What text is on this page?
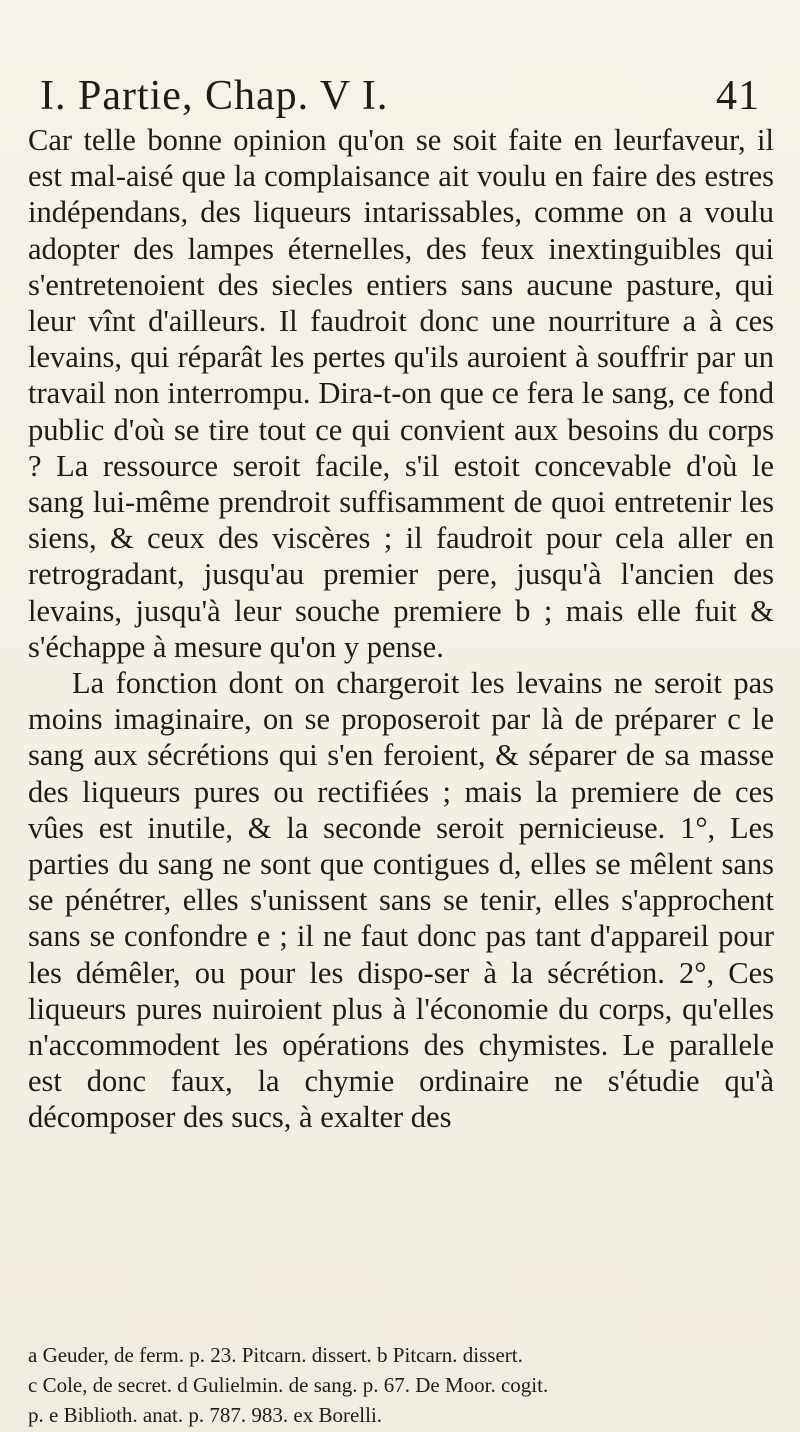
I. Partie, Chap. V I.	41

Car telle bonne opinion qu'on se soit faite en leurfaveur, il est mal-aisé que la complaisance ait voulu en faire des estres indépendans, des liqueurs intarissables, comme on a voulu adopter des lampes éternelles, des feux inextinguibles qui s'entretenoient des siecles entiers sans aucune pasture, qui leur vînt d'ailleurs. Il faudroit donc une nourriture a à ces levains, qui réparât les pertes qu'ils auroient à souffrir par un travail non interrompu. Dira-t-on que ce fera le sang, ce fond public d'où se tire tout ce qui convient aux besoins du corps ? La ressource seroit facile, s'il estoit concevable d'où le sang lui-même prendroit suffisamment de quoi entretenir les siens, & ceux des viscères ; il faudroit pour cela aller en retrogradant, jusqu'au premier pere, jusqu'à l'ancien des levains, jusqu'à leur souche premiere b ; mais elle fuit & s'échappe à mesure qu'on y pense.

La fonction dont on chargeroit les levains ne seroit pas moins imaginaire, on se proposeroit par là de préparer c le sang aux sécrétions qui s'en feroient, & séparer de sa masse des liqueurs pures ou rectifiées ; mais la premiere de ces vûes est inutile, & la seconde seroit pernicieuse. 1°, Les parties du sang ne sont que contigues d, elles se mêlent sans se pénétrer, elles s'unissent sans se tenir, elles s'approchent sans se confondre e ; il ne faut donc pas tant d'appareil pour les démêler, ou pour les dispo-ser à la sécrétion. 2°, Ces liqueurs pures nuiroient plus à l'économie du corps, qu'elles n'accommodent les opérations des chymistes. Le parallele est donc faux, la chymie ordinaire ne s'étudie qu'à décomposer des sucs, à exalter des

a Geuder, de ferm. p. 23. Pitcarn. dissert. b Pitcarn. dissert.

c Cole, de secret. d Gulielmin. de sang. p. 67. De Moor. cogit.

p. e Biblioth. anat. p. 787. 983. ex Borelli.
